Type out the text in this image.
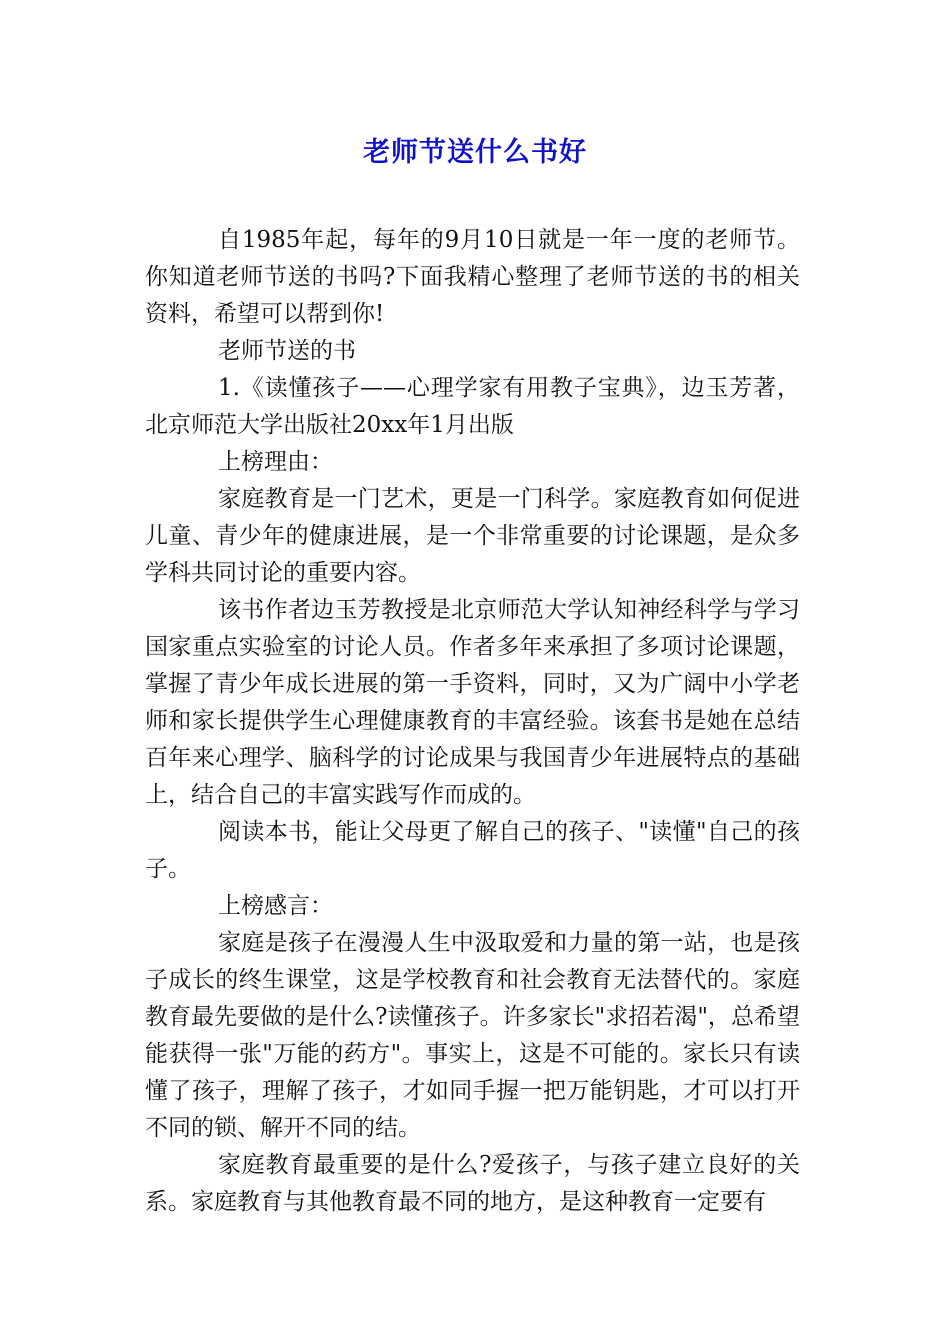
老师节送什么书好

自1985年起，每年的9月10日就是一年一度的老师节。你知道老师节送的书吗?下面我精心整理了老师节送的书的相关资料，希望可以帮到你!

老师节送的书

1.《读懂孩子——心理学家有用教子宝典》，边玉芳著，北京师范大学出版社20xx年1月出版

上榜理由：

家庭教育是一门艺术，更是一门科学。家庭教育如何促进儿童、青少年的健康进展，是一个非常重要的讨论课题，是众多学科共同讨论的重要内容。

该书作者边玉芳教授是北京师范大学认知神经科学与学习国家重点实验室的讨论人员。作者多年来承担了多项讨论课题，掌握了青少年成长进展的第一手资料，同时，又为广阔中小学老师和家长提供学生心理健康教育的丰富经验。该套书是她在总结百年来心理学、脑科学的讨论成果与我国青少年进展特点的基础上，结合自己的丰富实践写作而成的。

阅读本书，能让父母更了解自己的孩子、"读懂"自己的孩子。

上榜感言：

家庭是孩子在漫漫人生中汲取爱和力量的第一站，也是孩子成长的终生课堂，这是学校教育和社会教育无法替代的。家庭教育最先要做的是什么?读懂孩子。许多家长"求招若渴"，总希望能获得一张"万能的药方"。事实上，这是不可能的。家长只有读懂了孩子，理解了孩子，才如同手握一把万能钥匙，才可以打开不同的锁、解开不同的结。

家庭教育最重要的是什么?爱孩子，与孩子建立良好的关系。家庭教育与其他教育最不同的地方，是这种教育一定要有
